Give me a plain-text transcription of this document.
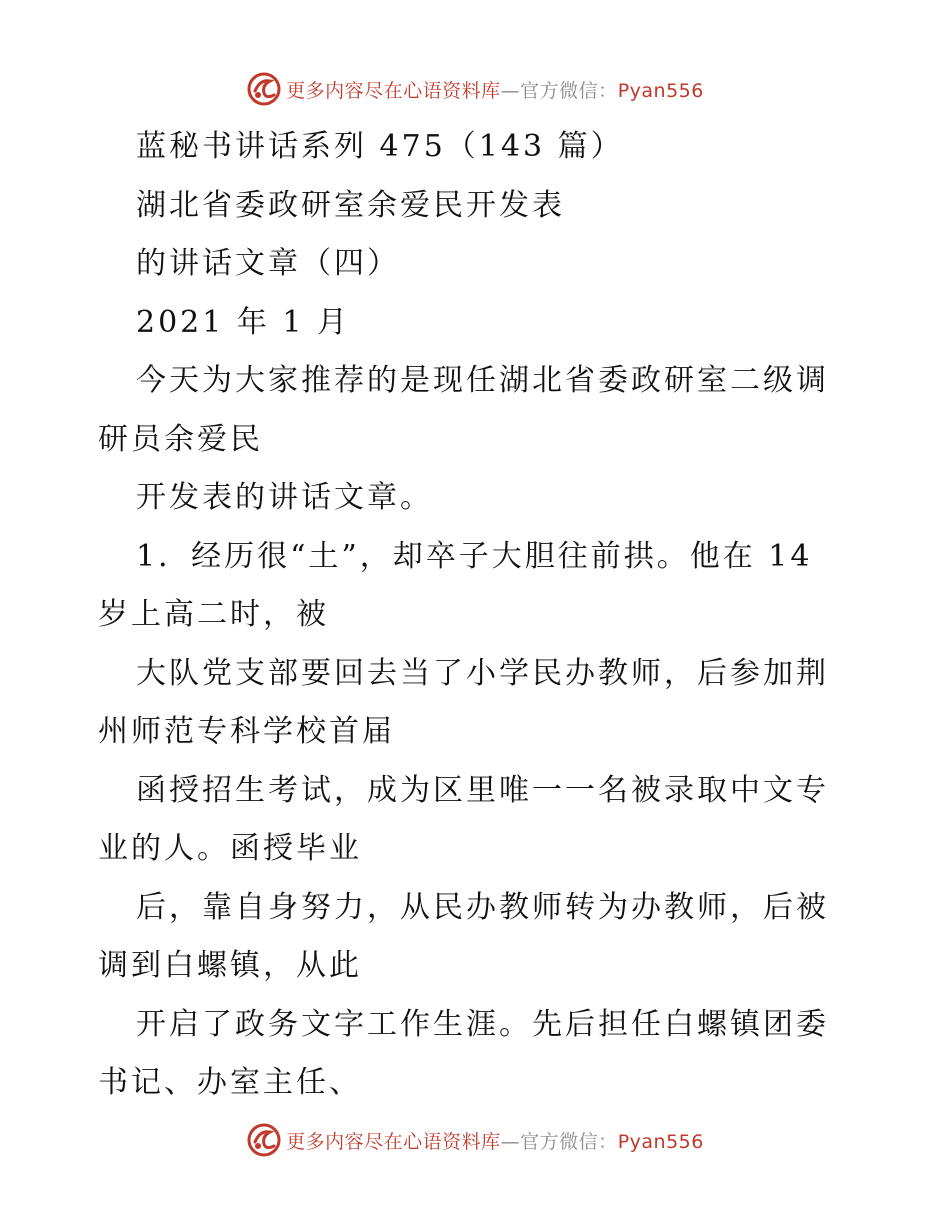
更多内容尽在心语资料库—官方微信：Pyan556
蓝秘书讲话系列 475（143 篇）
湖北省委政研室余爱民开发表
的讲话文章（四）
2021 年 1 月
今天为大家推荐的是现任湖北省委政研室二级调
研员余爱民
开发表的讲话文章。
1．经历很“土”，却卒子大胆往前拱。他在 14
岁上高二时，被
大队党支部要回去当了小学民办教师，后参加荆
州师范专科学校首届
函授招生考试，成为区里唯一一名被录取中文专
业的人。函授毕业
后，靠自身努力，从民办教师转为办教师，后被
调到白螺镇，从此
开启了政务文字工作生涯。先后担任白螺镇团委
书记、办室主任、
更多内容尽在心语资料库—官方微信：Pyan556
